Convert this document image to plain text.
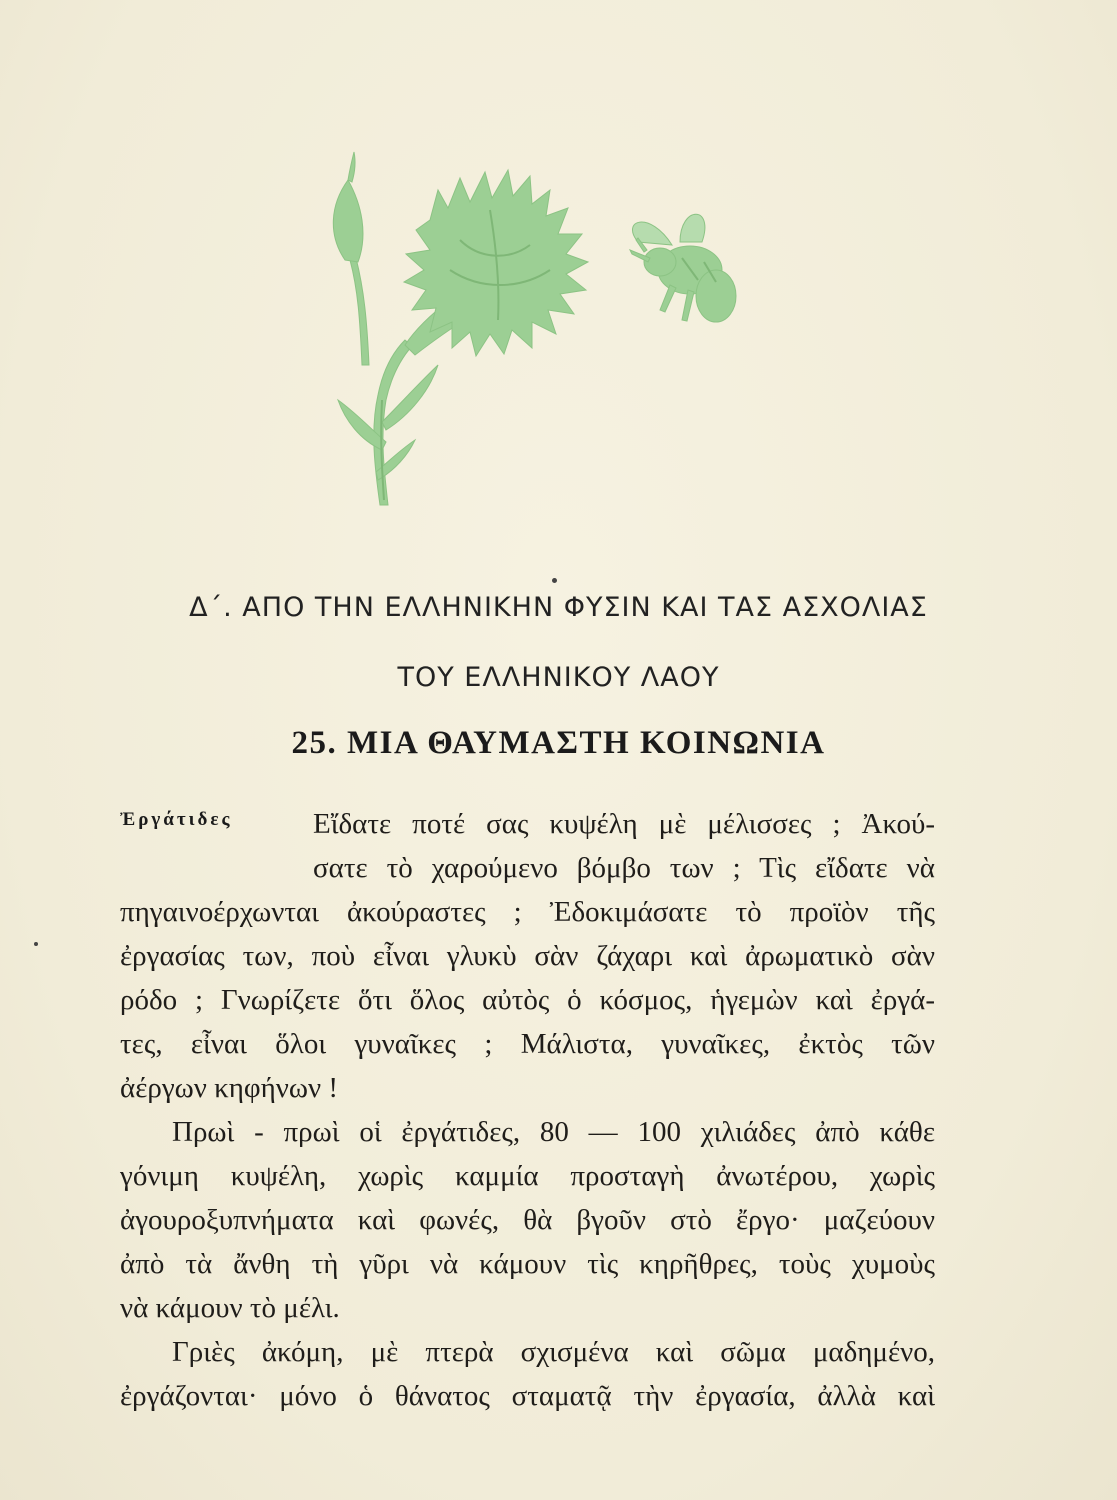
Δ΄. ΑΠΟ ΤΗΝ ΕΛΛΗΝΙΚΗΝ ΦΥΣΙΝ ΚΑΙ ΤΑΣ ΑΣΧΟΛΙΑΣ
ΤΟΥ ΕΛΛΗΝΙΚΟΥ ΛΑΟΥ
25. ΜΙΑ ΘΑΥΜΑΣΤΗ ΚΟΙΝΩΝΙΑ
Ἐργάτιδες	Εἴδατε ποτέ σας κυψέλη μὲ μέλισσες ; Ἀκού-
σατε τὸ χαρούμενο βόμβο των ; Τὶς εἴδατε νὰ
πηγαινοέρχωνται ἀκούραστες ; Ἐδοκιμάσατε τὸ προϊὸν τῆς
ἐργασίας των, ποὺ εἶναι γλυκὺ σὰν ζάχαρι καὶ ἀρωματικὸ σὰν
ρόδο ; Γνωρίζετε ὅτι ὅλος αὐτὸς ὁ κόσμος, ἡγεμὼν καὶ ἐργά-
τες, εἶναι ὅλοι γυναῖκες ; Μάλιστα, γυναῖκες, ἐκτὸς τῶν
ἀέργων κηφήνων !
Πρωὶ - πρωὶ οἱ ἐργάτιδες, 80 — 100 χιλιάδες ἀπὸ κάθε
γόνιμη κυψέλη, χωρὶς καμμία προσταγὴ ἀνωτέρου, χωρὶς
ἀγουροξυπνήματα καὶ φωνές, θὰ βγοῦν στὸ ἔργο· μαζεύουν
ἀπὸ τὰ ἄνθη τὴ γῦρι νὰ κάμουν τὶς κηρῆθρες, τοὺς χυμοὺς
νὰ κάμουν τὸ μέλι.
Γριὲς ἀκόμη, μὲ πτερὰ σχισμένα καὶ σῶμα μαδημένο,
ἐργάζονται· μόνο ὁ θάνατος σταματᾷ τὴν ἐργασία, ἀλλὰ καὶ
